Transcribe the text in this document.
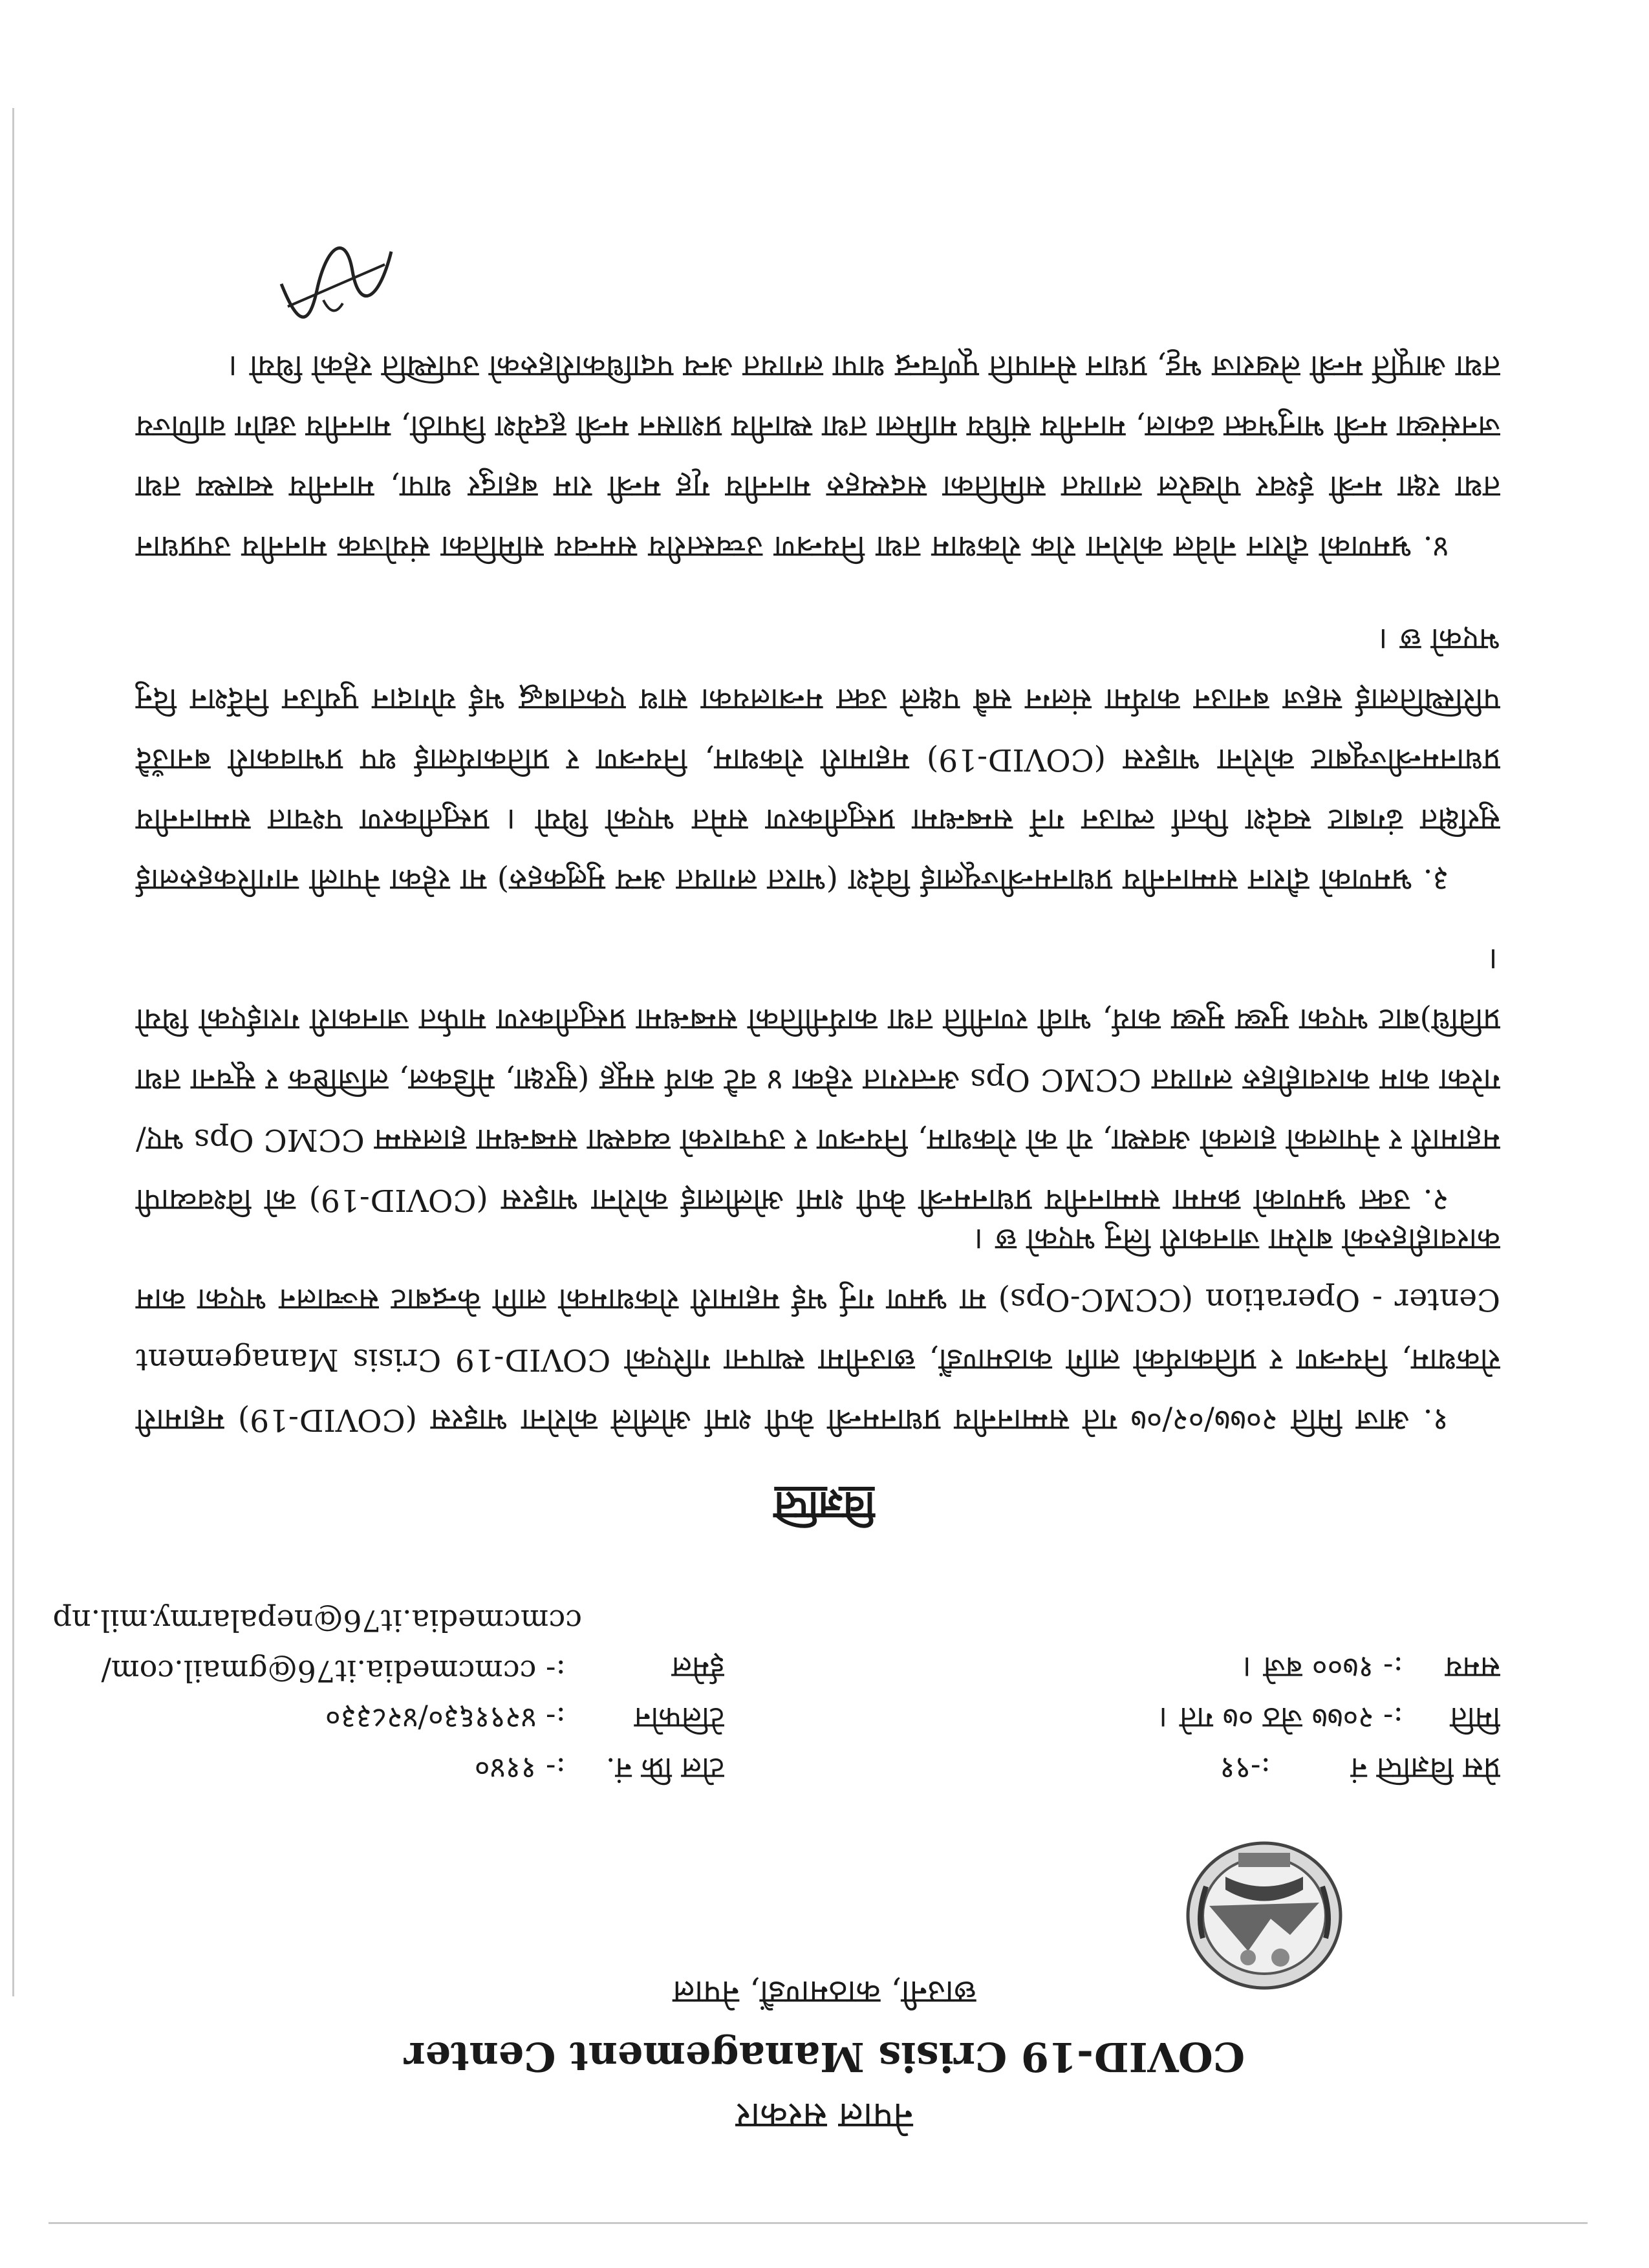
नेपाल सरकार
COVID-19 Crisis Management Center
छाउनी, काठमाण्डौं, नेपाल
प्रेस विज्ञप्ति नं
:-९१
टोल फ्रि नं.
:- ११४०
मिति
:- २०७७ जेठ ०७ गते ।
टेलिफोन
:- ४२९१६३०/४२८३३०
समय
:- १७०० बजे ।
ईमेल
:- ccmcmedia.it76@gmail.com/
ccmcmedia.it76@nepalarmy.mil.np
विज्ञप्ति
१. आज मिति २०७७/०२/०७ गते सम्माननीय प्रधानमन्त्री केपी शर्मा ओलीले कोरोना भाइरस (COVID-19) महामारी रोकथाम, नियन्त्रण र प्रतिकार्यको लागि काठमाण्डौं, छाउनीमा स्थापना गरिएको COVID-19 Crisis Management Center - Operation (CCMC-Ops) मा भ्रमण गर्नु भई महामारी रोकथामको लागि केन्द्रबाट सञ्चालन भएका काम कारवाहीहरुको बारेमा जानकारी लिनु भएको छ ।
२. उक्त भ्रमणको क्रममा सम्माननीय प्रधानमन्त्री केपी शर्मा ओलीलाई कोरोना भाइरस (COVID-19) को विश्वव्यापी महामारी र नेपालको हालको अवस्था, यो को रोकथाम, नियन्त्रण र उपचारको व्यवस्था सम्बन्धमा हालसम्म CCMC Ops भए/गरेका काम कारवाहीहरु लगायत CCMC Ops अन्तरगत रहेका ४ वटै कार्य समूह (सुरक्षा, मेडिकल, लजिष्टिक र सूचना तथा प्रविधि)बाट भएका मुख्य मुख्य कार्य, भावी रणनीति तथा कार्यनीतिको सम्बन्धमा प्रस्तुतीकरण मार्फत जानकारी गराईएको थियो ।
३. भ्रमणको दौरान सम्माननीय प्रधानमन्त्रीज्यूलाई विदेश (भारत लगायत अन्य मुलुकहरु) मा रहेका नेपाली नागरिकहरुलाई सुरक्षित ढंगबाट स्वदेश फिर्ता ल्याउन गर्ने सम्बन्धमा प्रस्तुतीकरण समेत भएको थियो । प्रस्तुतीकरण पश्चात सम्माननीय प्रधानमन्त्रीज्यूबाट कोरोना भाइरस (COVID-19) महामारी रोकथाम, नियन्त्रण र प्रतिकार्यलाई थप प्रभावकारी बनाउँदै परिस्थितिलाई सहज बनाउन कार्यमा संलग्न सबै पक्षले उक्त मन्त्रालयका साथ एकताबद्ध भई योगदान पुर्याउन निर्देशन दिनु भएको छ ।
४. भ्रमणको दौरान नोवेल कोरोना रोक रोकथाम तथा नियन्त्रण उच्चस्तरीय समन्वय समितिका संयोजक माननीय उपप्रधान तथा रक्षा मन्त्री ईश्वर पोखरेल लगायत समितिका सदस्यहरु माननीय गृह मन्त्री राम बहादुर थापा, माननीय स्वास्थ्य तथा जनसंख्या मन्त्री भानुभक्त ढकाल, माननीय संघिय मामिला तथा स्थानीय प्रशासन मन्त्री हृदयेश त्रिपाठी, माननीय उद्योग वाणिज्य तथा आपूर्ति मन्त्री लेखराज भट्ट, प्रधान सेनापति पूर्णचन्द्र थापा लगायत अन्य पदाधिकारीहरुको उपस्थिति रहेको थियो ।
